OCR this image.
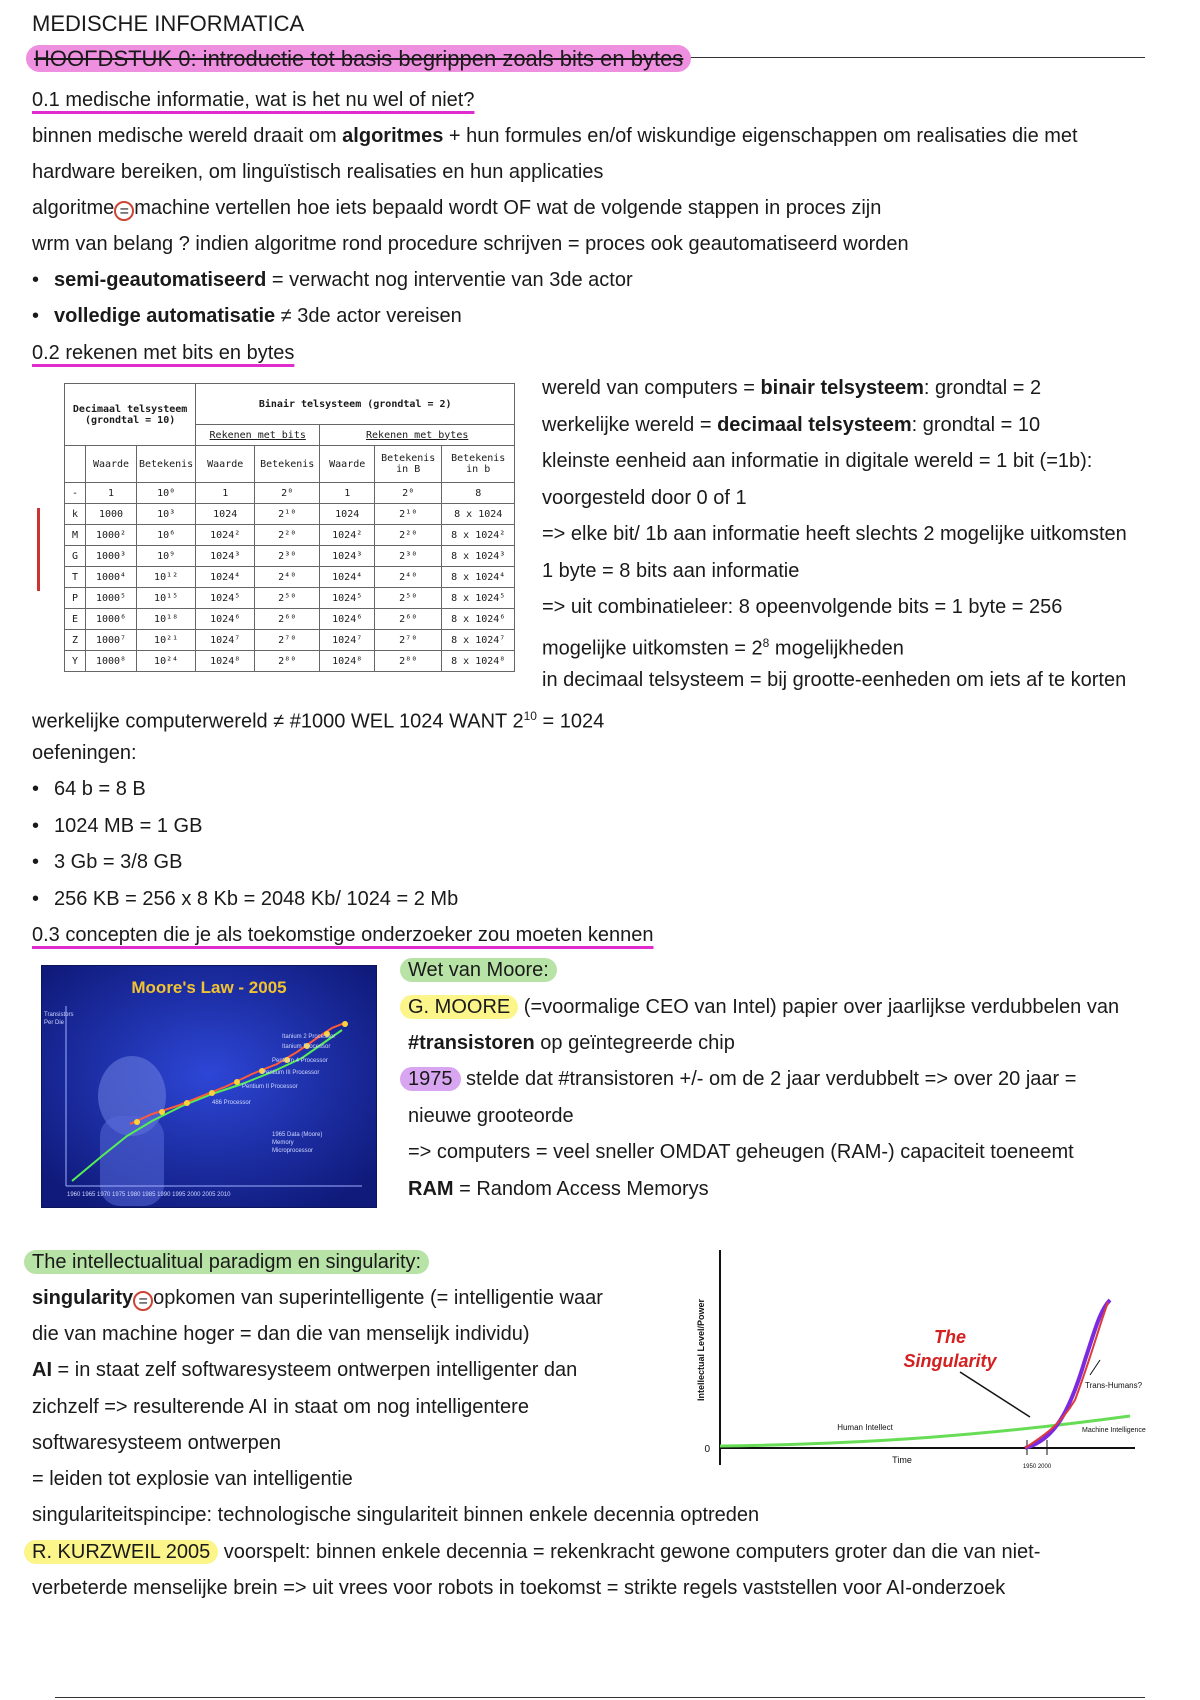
MEDISCHE INFORMATICA
HOOFDSTUK 0: introductie tot basis begrippen zoals bits en bytes
0.1 medische informatie, wat is het nu wel of niet?
binnen medische wereld draait om algoritmes + hun formules en/of wiskundige eigenschappen om realisaties die met
hardware bereiken, om linguïstisch realisaties en hun applicaties
algoritme = machine vertellen hoe iets bepaald wordt OF wat de volgende stappen in proces zijn
wrm van belang ? indien algoritme rond procedure schrijven = proces ook geautomatiseerd worden
• semi-geautomatiseerd = verwacht nog interventie van 3de actor
• volledige automatisatie ≠ 3de actor vereisen
0.2 rekenen met bits en bytes
Decimaal telsysteem (grondtal = 10)			Binair telsysteem (grondtal = 2)				
			Rekenen met bits		Rekenen met bytes		
	Waarde	Betekenis	Waarde	Betekenis	Waarde	Betekenis in B	Betekenis in b
-	1	10⁰	1	2⁰	1	2⁰	8
k	1000	10³	1024	2¹⁰	1024	2¹⁰	8 x 1024
M	1000²	10⁶	1024²	2²⁰	1024²	2²⁰	8 x 1024²
G	1000³	10⁹	1024³	2³⁰	1024³	2³⁰	8 x 1024³
T	1000⁴	10¹²	1024⁴	2⁴⁰	1024⁴	2⁴⁰	8 x 1024⁴
P	1000⁵	10¹⁵	1024⁵	2⁵⁰	1024⁵	2⁵⁰	8 x 1024⁵
E	1000⁶	10¹⁸	1024⁶	2⁶⁰	1024⁶	2⁶⁰	8 x 1024⁶
Z	1000⁷	10²¹	1024⁷	2⁷⁰	1024⁷	2⁷⁰	8 x 1024⁷
Y	1000⁸	10²⁴	1024⁸	2⁸⁰	1024⁸	2⁸⁰	8 x 1024⁸
wereld van computers = binair telsysteem: grondtal = 2
werkelijke wereld = decimaal telsysteem: grondtal = 10
kleinste eenheid aan informatie in digitale wereld = 1 bit (=1b):
voorgesteld door 0 of 1
=> elke bit/ 1b aan informatie heeft slechts 2 mogelijke uitkomsten
1 byte = 8 bits aan informatie
=> uit combinatieleer: 8 opeenvolgende bits = 1 byte = 256
mogelijke uitkomsten = $2^8$ mogelijkheden
in decimaal telsysteem = bij grootte-eenheden om iets af te korten
werkelijke computerwereld ≠ #1000 WEL 1024 WANT $2^{10} = 1024$
oefeningen:
• 64 b = 8 B
• 1024 MB = 1 GB
• 3 Gb = 3/8 GB
• 256 KB = 256 x 8 Kb = 2048 Kb/ 1024 = 2 Mb
0.3 concepten die je als toekomstige onderzoeker zou moeten kennen
Moore's Law - 2005
Transistors
Per Die
Itanium 2 Processor
Itanium Processor
Pentium 4 Processor
Pentium III Processor
Pentium II Processor
486 Processor
1965 Data (Moore)
Memory
Microprocessor
1960 1965 1970 1975 1980 1985 1990 1995 2000 2005 2010
Wet van Moore:
G. MOORE (=voormalige CEO van Intel) papier over jaarlijkse verdubbelen van
#transistoren op geïntegreerde chip
1975 stelde dat #transistoren +/- om de 2 jaar verdubbelt => over 20 jaar =
nieuwe grooteorde
=> computers = veel sneller OMDAT geheugen (RAM-) capaciteit toeneemt
RAM = Random Access Memorys
The intellectualitual paradigm en singularity:
singularity = opkomen van superintelligente (= intelligentie waar
die van machine hoger = dan die van menselijk individu)
AI = in staat zelf softwaresysteem ontwerpen intelligenter dan
zichzelf => resulterende AI in staat om nog intelligentere
softwaresysteem ontwerpen
= leiden tot explosie van intelligentie
singulariteitspincipe: technologische singulariteit binnen enkele decennia optreden
R. KURZWEIL 2005 voorspelt: binnen enkele decennia = rekenkracht gewone computers groter dan die van niet-
verbeterde menselijke brein => uit vrees voor robots in toekomst = strikte regels vaststellen voor AI-onderzoek
Intellectual Level/Power
0
Time
1950 2000
The
Singularity
Human Intellect	Machine Intelligence
Trans-Humans?
